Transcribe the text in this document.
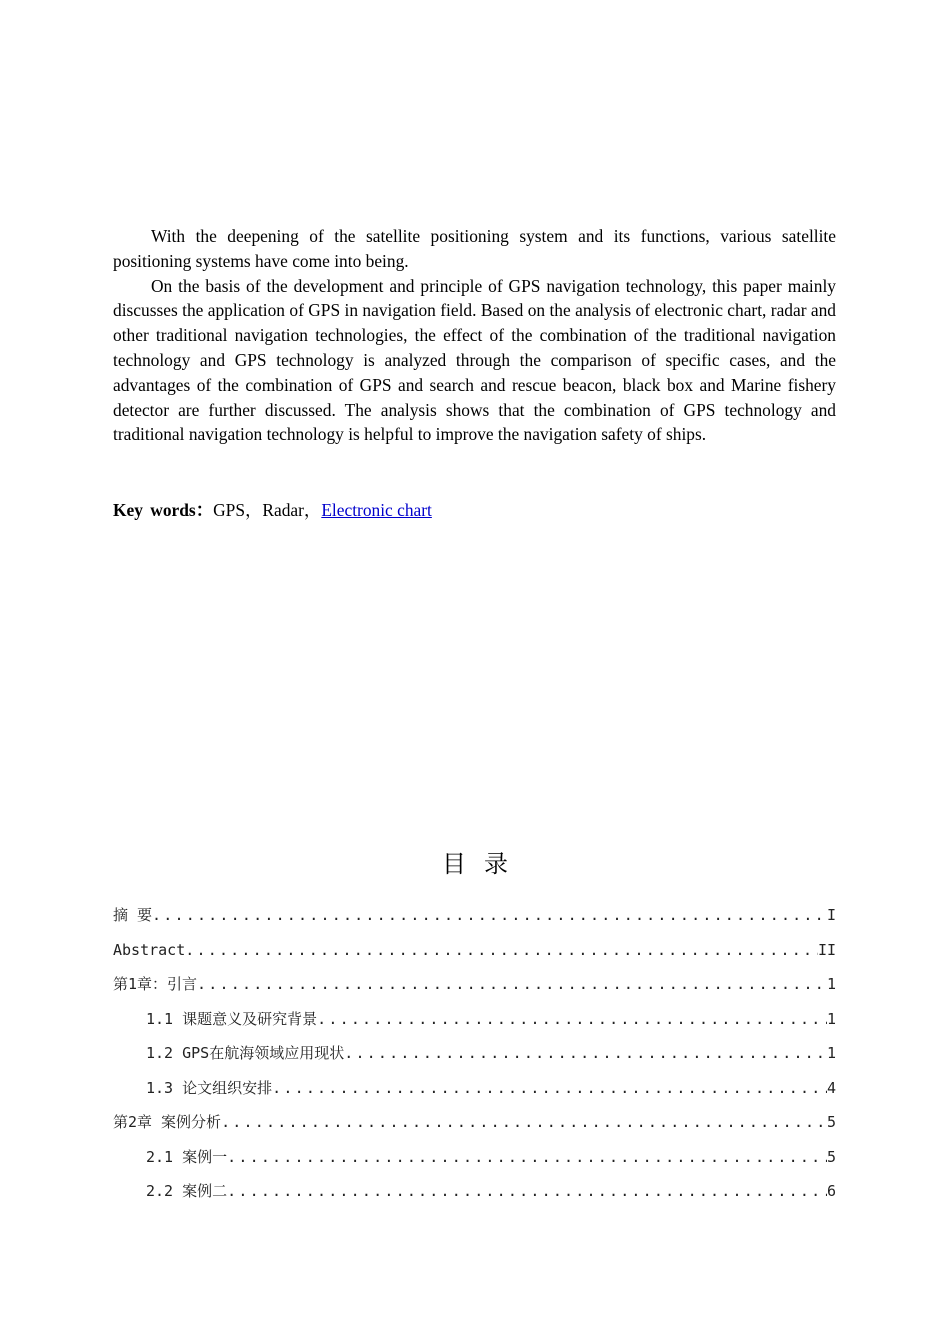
With the deepening of the satellite positioning system and its functions, various satellite positioning systems have come into being.

On the basis of the development and principle of GPS navigation technology, this paper mainly discusses the application of GPS in navigation field. Based on the analysis of electronic chart, radar and other traditional navigation technologies, the effect of the combination of the traditional navigation technology and GPS technology is analyzed through the comparison of specific cases, and the advantages of the combination of GPS and search and rescue beacon, black box and Marine fishery detector are further discussed. The analysis shows that the combination of GPS technology and traditional navigation technology is helpful to improve the navigation safety of ships.

Key words：GPS，Radar，Electronic chart
目录
摘 要 .....	I
Abstract .....	II
第1章：引言 .....	1
1.1 课题意义及研究背景 .....	1
1.2 GPS在航海领域应用现状 .....	1
1.3 论文组织安排 .....	4
第2章 案例分析 .....	5
2.1 案例一 .....	5
2.2 案例二 .....	6
